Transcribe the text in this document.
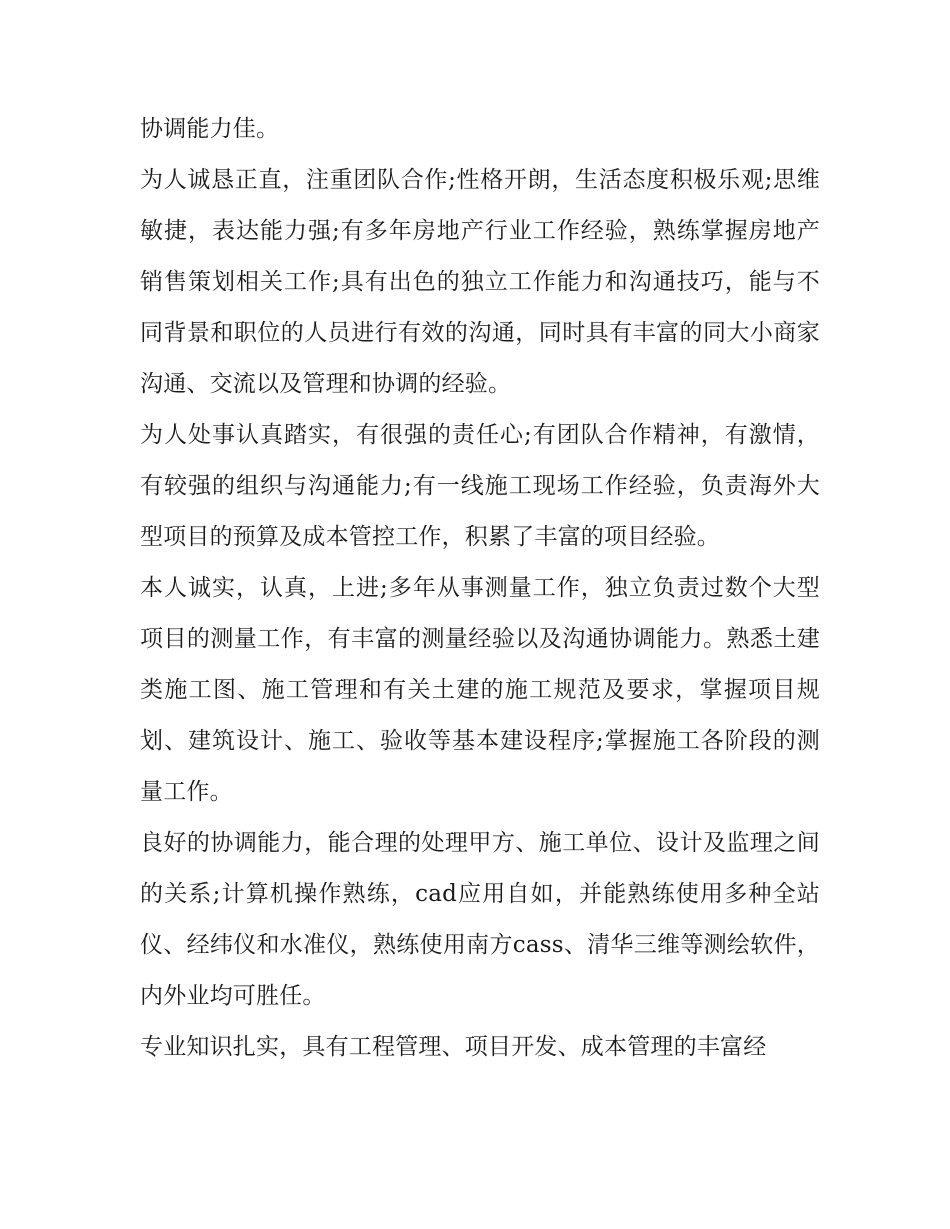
协调能力佳。

为人诚恳正直，注重团队合作;性格开朗，生活态度积极乐观;思维敏捷，表达能力强;有多年房地产行业工作经验，熟练掌握房地产销售策划相关工作;具有出色的独立工作能力和沟通技巧，能与不同背景和职位的人员进行有效的沟通，同时具有丰富的同大小商家沟通、交流以及管理和协调的经验。

为人处事认真踏实，有很强的责任心;有团队合作精神，有激情，有较强的组织与沟通能力;有一线施工现场工作经验，负责海外大型项目的预算及成本管控工作，积累了丰富的项目经验。

本人诚实，认真，上进;多年从事测量工作，独立负责过数个大型项目的测量工作，有丰富的测量经验以及沟通协调能力。熟悉土建类施工图、施工管理和有关土建的施工规范及要求，掌握项目规划、建筑设计、施工、验收等基本建设程序;掌握施工各阶段的测量工作。

良好的协调能力，能合理的处理甲方、施工单位、设计及监理之间的关系;计算机操作熟练，cad应用自如，并能熟练使用多种全站仪、经纬仪和水准仪，熟练使用南方cass、清华三维等测绘软件，内外业均可胜任。

专业知识扎实，具有工程管理、项目开发、成本管理的丰富经
